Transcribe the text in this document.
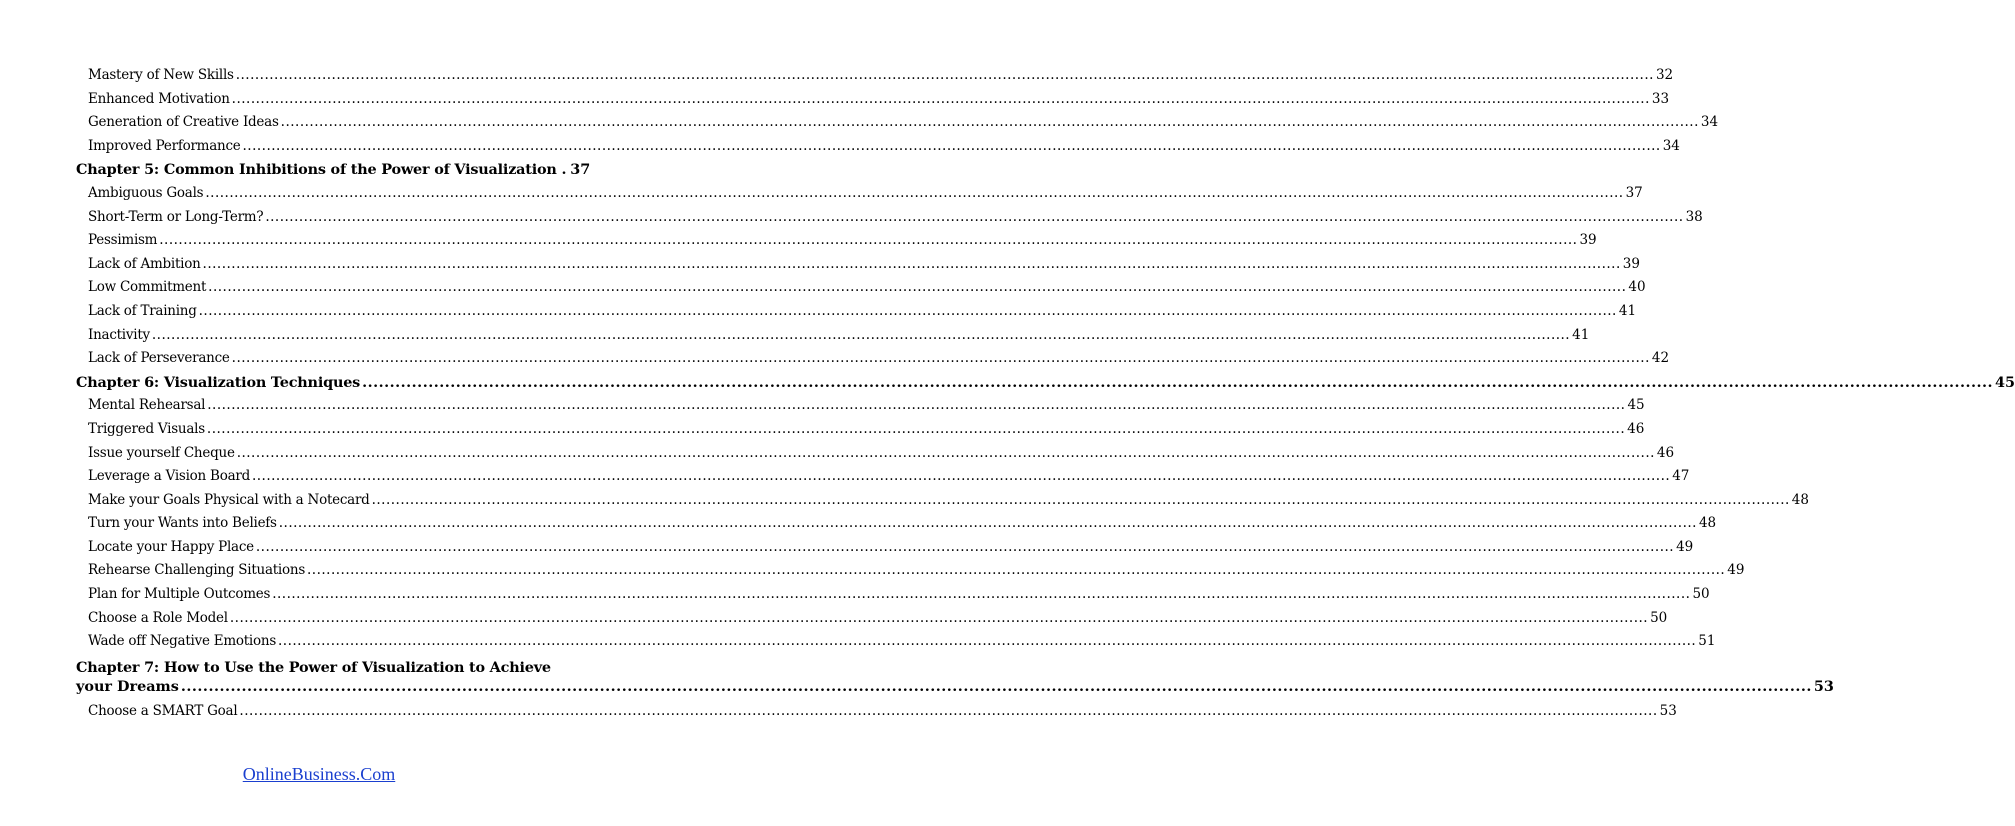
Mastery of New Skills .....	32
Enhanced Motivation .....	33
Generation of Creative Ideas .....	34
Improved Performance .....	34
Chapter 5: Common Inhibitions of the Power of Visualization . 37
Ambiguous Goals .....	37
Short-Term or Long-Term? .....	38
Pessimism .....	39
Lack of Ambition .....	39
Low Commitment .....	40
Lack of Training .....	41
Inactivity .....	41
Lack of Perseverance .....	42
Chapter 6: Visualization Techniques .....	45
Mental Rehearsal .....	45
Triggered Visuals .....	46
Issue yourself Cheque .....	46
Leverage a Vision Board .....	47
Make your Goals Physical with a Notecard .....	48
Turn your Wants into Beliefs .....	48
Locate your Happy Place .....	49
Rehearse Challenging Situations .....	49
Plan for Multiple Outcomes .....	50
Choose a Role Model .....	50
Wade off Negative Emotions .....	51
Chapter 7: How to Use the Power of Visualization to Achieve
your Dreams .....	53
Choose a SMART Goal .....	53
OnlineBusiness.Com
